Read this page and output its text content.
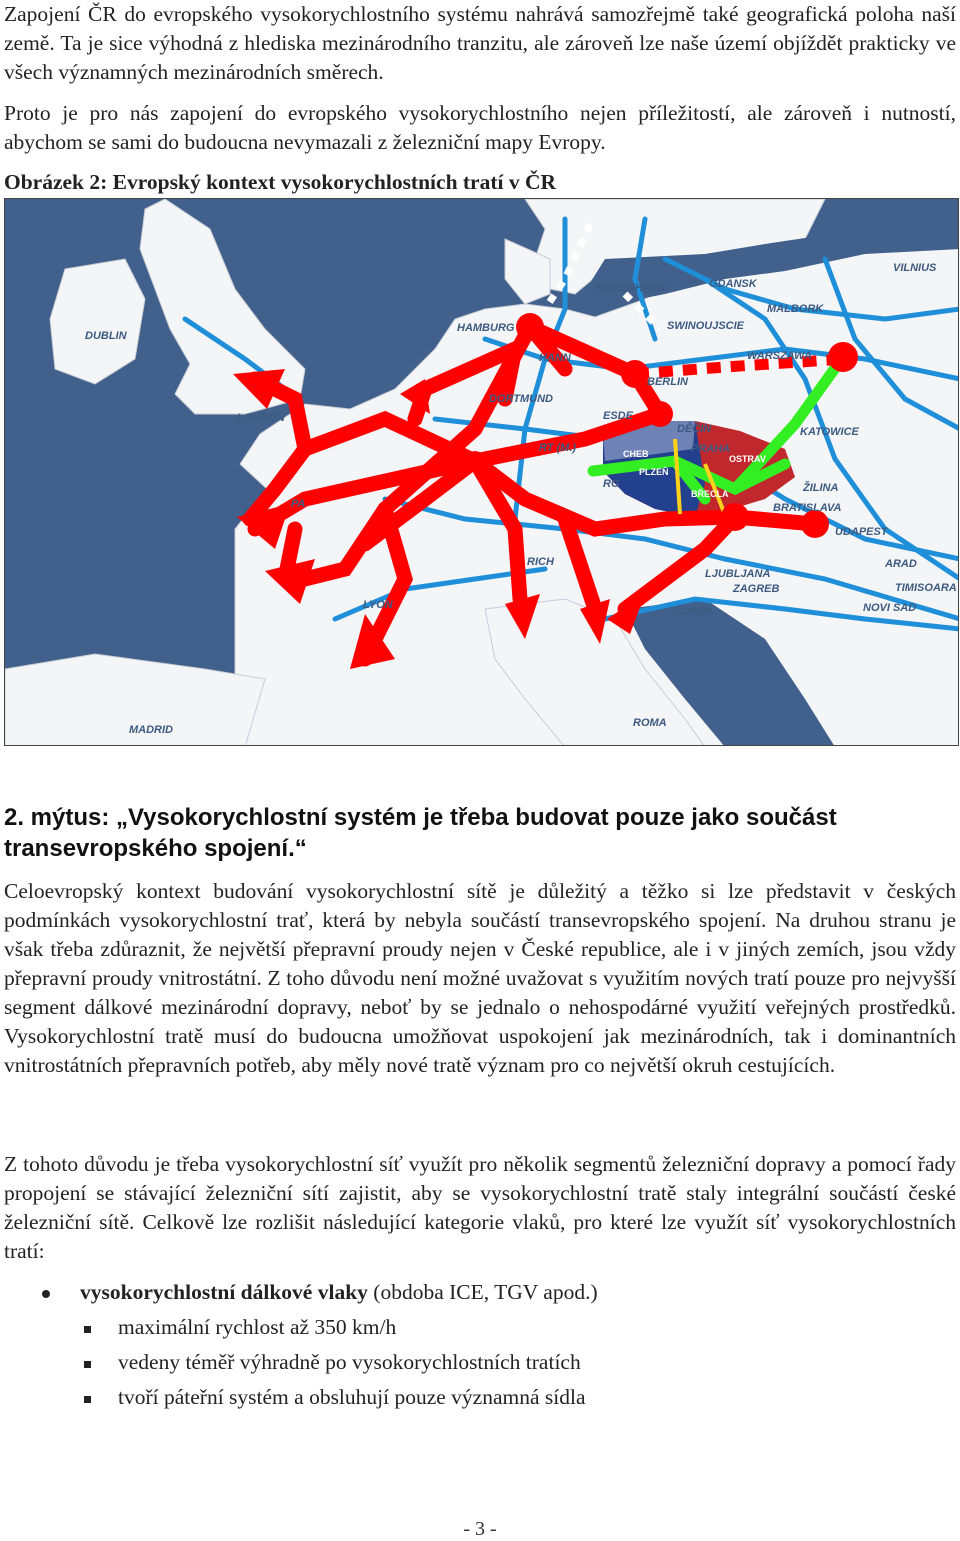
Zapojení ČR do evropského vysokorychlostního systému nahrává samozřejmě také geografická poloha naší země. Ta je sice výhodná z hlediska mezinárodního tranzitu, ale zároveň lze naše území objíždět prakticky ve všech významných mezinárodních směrech.

Proto je pro nás zapojení do evropského vysokorychlostního nejen příležitostí, ale zároveň i nutností, abychom se sami do budoucna nevymazali z železniční mapy Evropy.

Obrázek 2: Evropský kontext vysokorychlostních tratí v ČR

DUBLIN
LONDON
HAMBURG
KØBENHAVN	GDANSK
VILNIUS
MALBORK
SWINOUJSCIE
WARSZAWA
HANN
BERLIN
DORTMUND
ESDE
DĚČIN
PRAHA
KATOWICE
RT (M.)	CHEB
PLZEŇ
OSTRAV
RG
BŘECLA	ŽILINA
BRATISLAVA
UDAPEST
RICH	ARAD
TIMISOARA
LJUBLJANA
ZAGREB
LYON
KOPER	NOVI SAD
MADRID
ROMA
PA
2. mýtus: „Vysokorychlostní systém je třeba budovat pouze jako součást transevropského spojení.“

Celoevropský kontext budování vysokorychlostní sítě je důležitý a těžko si lze představit v českých podmínkách vysokorychlostní trať, která by nebyla součástí transevropského spojení. Na druhou stranu je však třeba zdůraznit, že největší přepravní proudy nejen v České republice, ale i v jiných zemích, jsou vždy přepravní proudy vnitrostátní. Z toho důvodu není možné uvažovat s využitím nových tratí pouze pro nejvyšší segment dálkové mezinárodní dopravy, neboť by se jednalo o nehospodárné využití veřejných prostředků. Vysokorychlostní tratě musí do budoucna umožňovat uspokojení jak mezinárodních, tak i dominantních vnitrostátních přepravních potřeb, aby měly nové tratě význam pro co největší okruh cestujících.

Z tohoto důvodu je třeba vysokorychlostní síť využít pro několik segmentů železniční dopravy a pomocí řady propojení se stávající železniční sítí zajistit, aby se vysokorychlostní tratě staly integrální součástí české železniční sítě. Celkově lze rozlišit následující kategorie vlaků, pro které lze využít síť vysokorychlostních tratí:

vysokorychlostní dálkové vlaky (obdoba ICE, TGV apod.)
maximální rychlost až 350 km/h
vedeny téměř výhradně po vysokorychlostních tratích
tvoří páteřní systém a obsluhují pouze významná sídla
- 3 -
